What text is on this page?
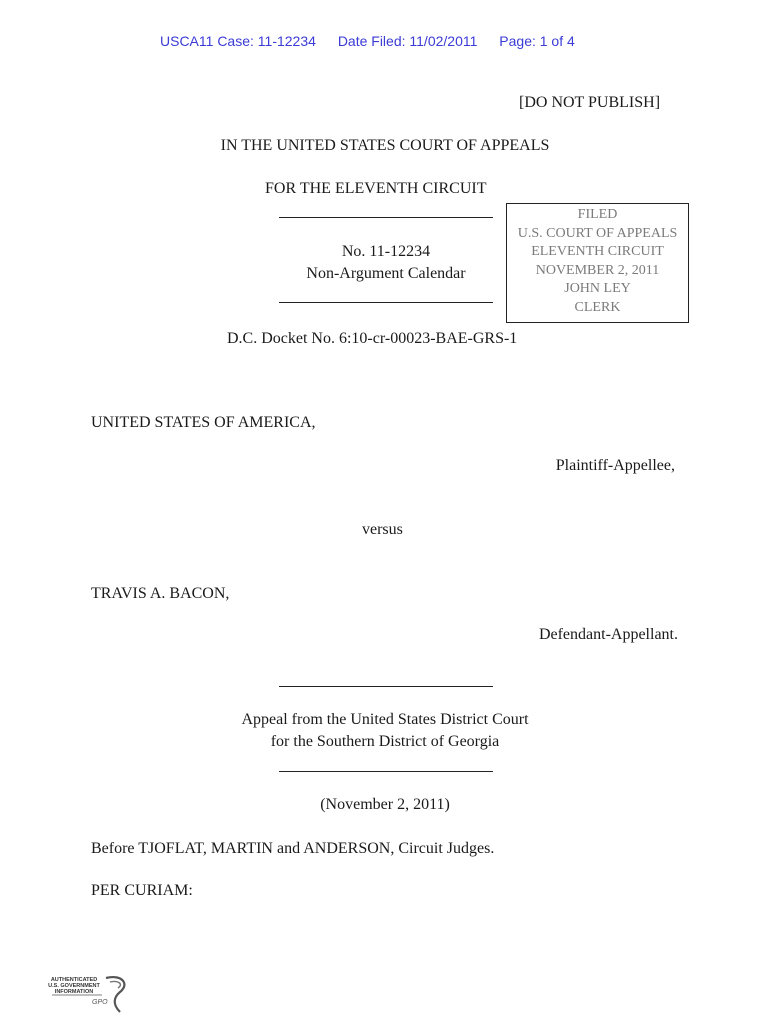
USCA11 Case: 11-12234 Date Filed: 11/02/2011 Page: 1 of 4
[DO NOT PUBLISH]
IN THE UNITED STATES COURT OF APPEALS
FOR THE ELEVENTH CIRCUIT
No. 11-12234
Non-Argument Calendar
FILED
U.S. COURT OF APPEALS
ELEVENTH CIRCUIT
NOVEMBER 2, 2011
JOHN LEY
CLERK
D.C. Docket No. 6:10-cr-00023-BAE-GRS-1
UNITED STATES OF AMERICA,
Plaintiff-Appellee,
versus
TRAVIS A. BACON,
Defendant-Appellant.
Appeal from the United States District Court
for the Southern District of Georgia
(November 2, 2011)
Before TJOFLAT, MARTIN and ANDERSON, Circuit Judges.
PER CURIAM:
AUTHENTICATED
U.S. GOVERNMENT
INFORMATION
GPO
